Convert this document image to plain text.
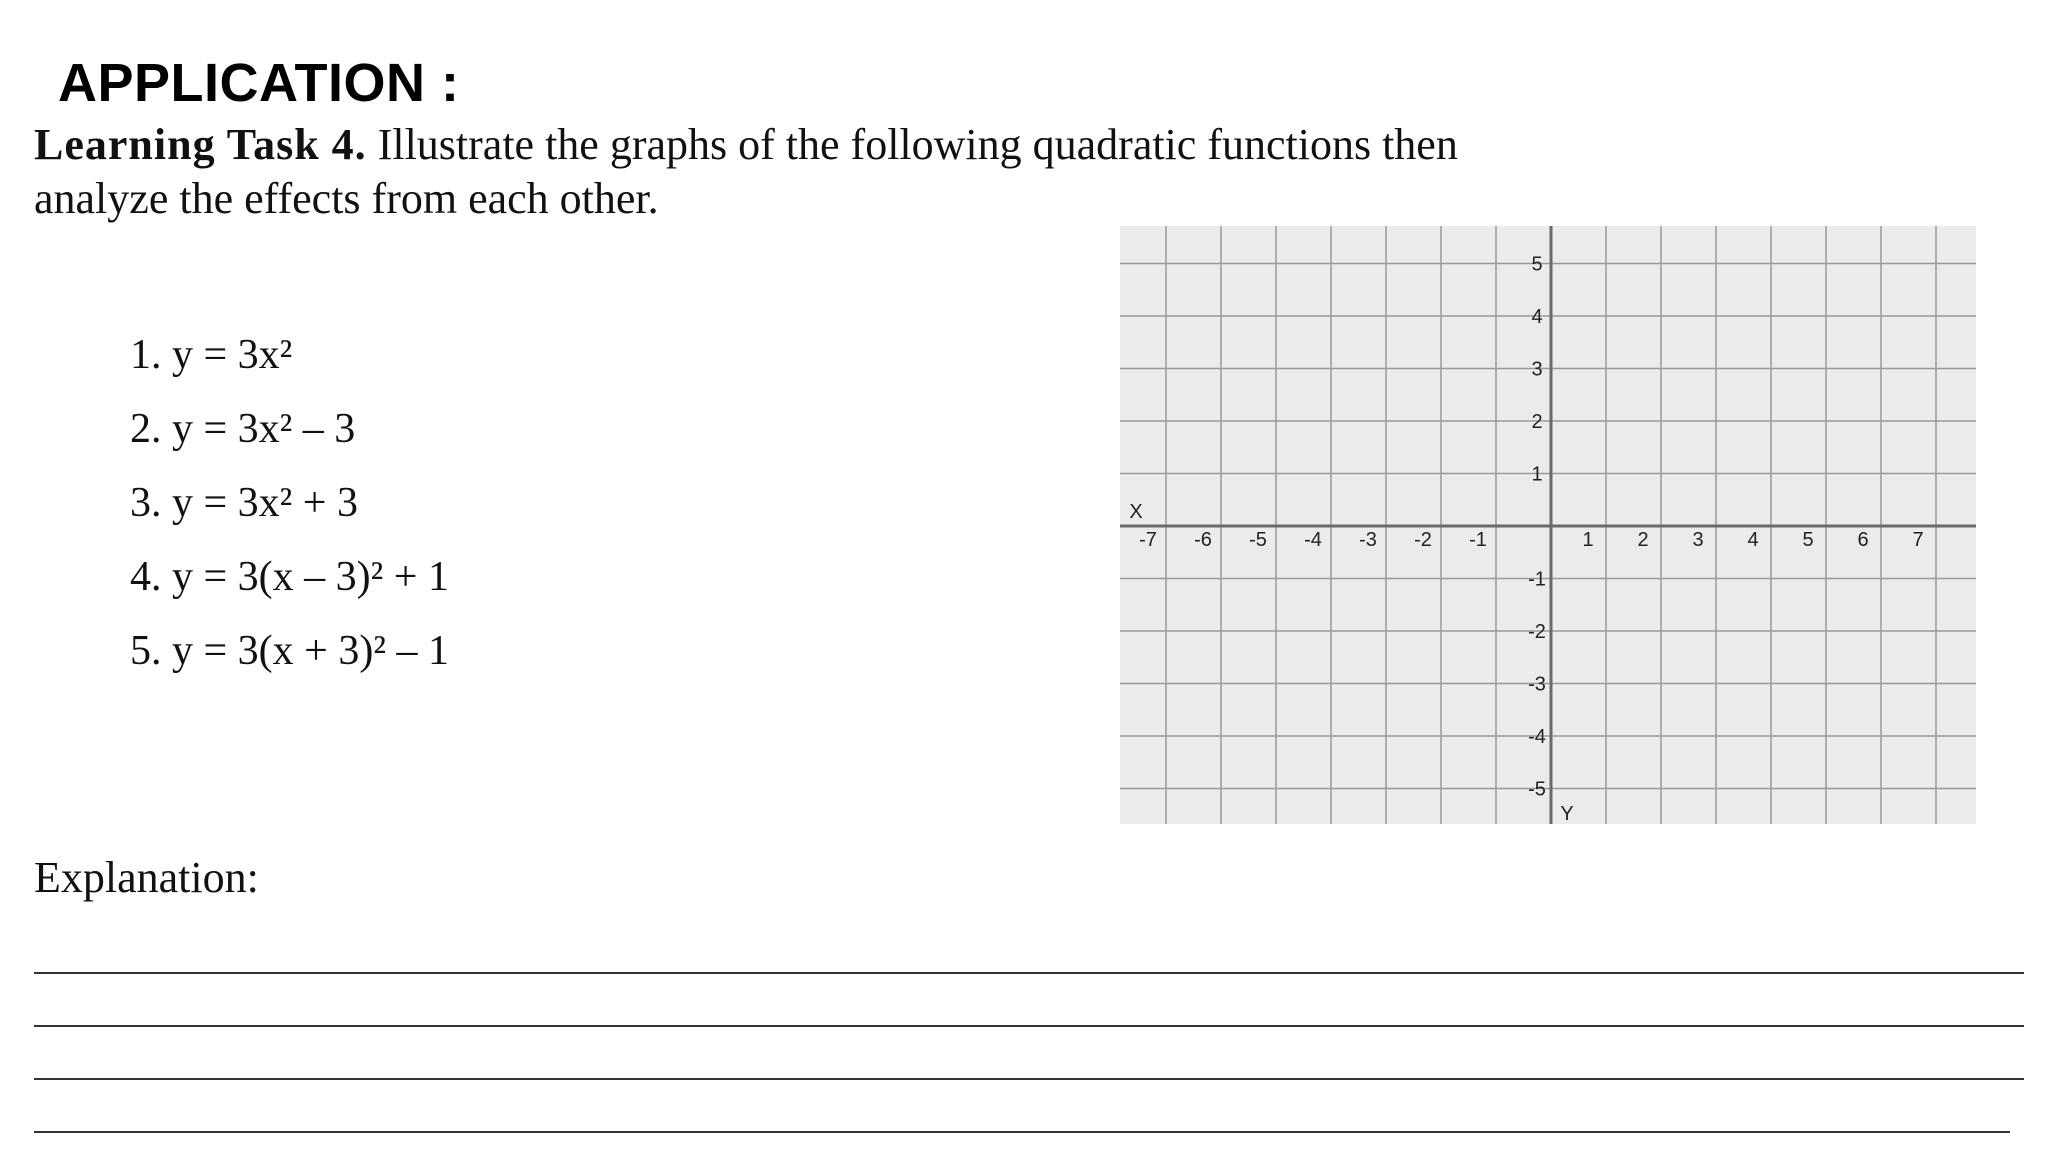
APPLICATION :
Learning Task 4. Illustrate the graphs of the following quadratic functions then
analyze the effects from each other.
1. y = 3x²
2. y = 3x² – 3
3. y = 3x² + 3
4. y = 3(x – 3)² + 1
5. y = 3(x + 3)² – 1
-7 -6 -5 -4 -3 -2 -1	1 2 3 4 5 6 7
5
4
3
2
1
-1
-2
-3
-4
-5
X
Y
Explanation:
